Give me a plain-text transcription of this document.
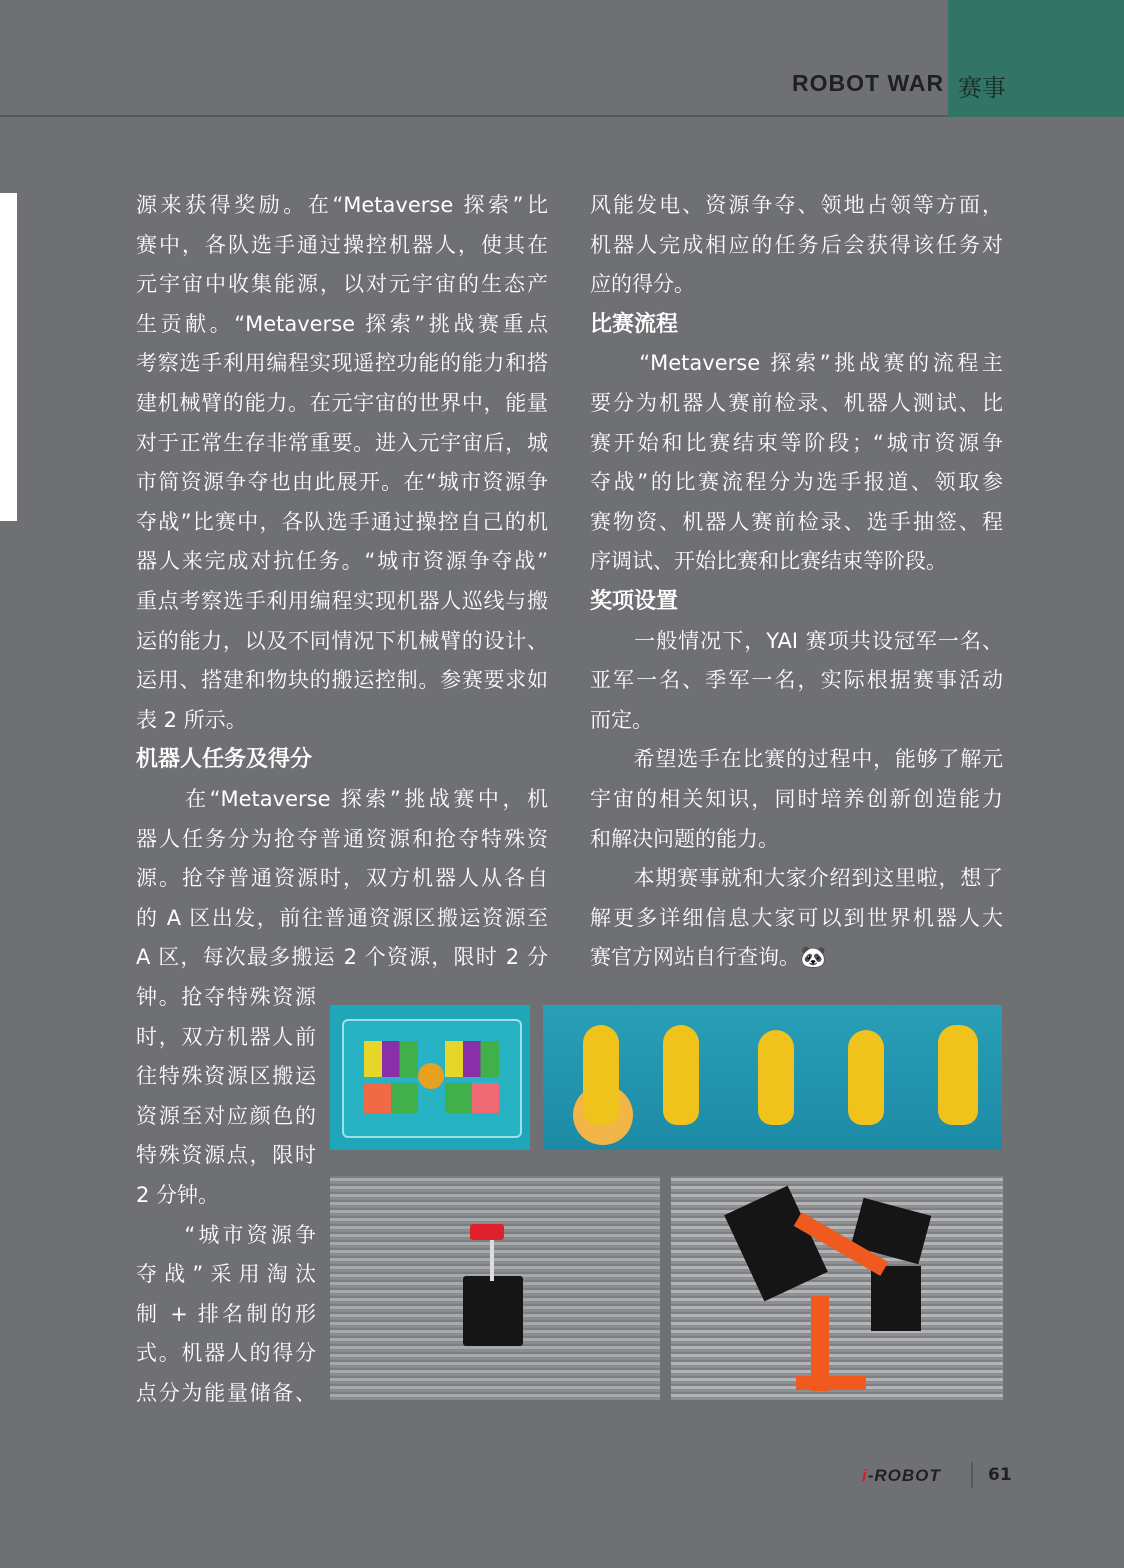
ROBOT WAR 赛事
源来获得奖励。在“Metaverse 探索”比
赛中，各队选手通过操控机器人，使其在
元宇宙中收集能源，以对元宇宙的生态产
生贡献。“Metaverse 探索”挑战赛重点
考察选手利用编程实现遥控功能的能力和搭
建机械臂的能力。在元宇宙的世界中，能量
对于正常生存非常重要。进入元宇宙后，城
市简资源争夺也由此展开。在“城市资源争
夺战”比赛中，各队选手通过操控自己的机
器人来完成对抗任务。“城市资源争夺战”
重点考察选手利用编程实现机器人巡线与搬
运的能力，以及不同情况下机械臂的设计、
运用、搭建和物块的搬运控制。参赛要求如
表 2 所示。
机器人任务及得分
　　在“Metaverse 探索”挑战赛中，机
器人任务分为抢夺普通资源和抢夺特殊资
源。抢夺普通资源时，双方机器人从各自
的 A 区出发，前往普通资源区搬运资源至
A 区，每次最多搬运 2 个资源，限时 2 分
钟。抢夺特殊资源
时，双方机器人前
往特殊资源区搬运
资源至对应颜色的
特殊资源点，限时
2 分钟。
　　“城市资源争
夺战”采用淘汰
制 + 排名制的形
式。机器人的得分
点分为能量储备、
风能发电、资源争夺、领地占领等方面，
机器人完成相应的任务后会获得该任务对
应的得分。
比赛流程
　　“Metaverse 探索”挑战赛的流程主
要分为机器人赛前检录、机器人测试、比
赛开始和比赛结束等阶段；“城市资源争
夺战”的比赛流程分为选手报道、领取参
赛物资、机器人赛前检录、选手抽签、程
序调试、开始比赛和比赛结束等阶段。
奖项设置
　　一般情况下，YAI 赛项共设冠军一名、
亚军一名、季军一名，实际根据赛事活动
而定。
　　希望选手在比赛的过程中，能够了解元
宇宙的相关知识，同时培养创新创造能力
和解决问题的能力。
　　本期赛事就和大家介绍到这里啦，想了
解更多详细信息大家可以到世界机器人大
赛官方网站自行查询。🐼
i-ROBOT	61
